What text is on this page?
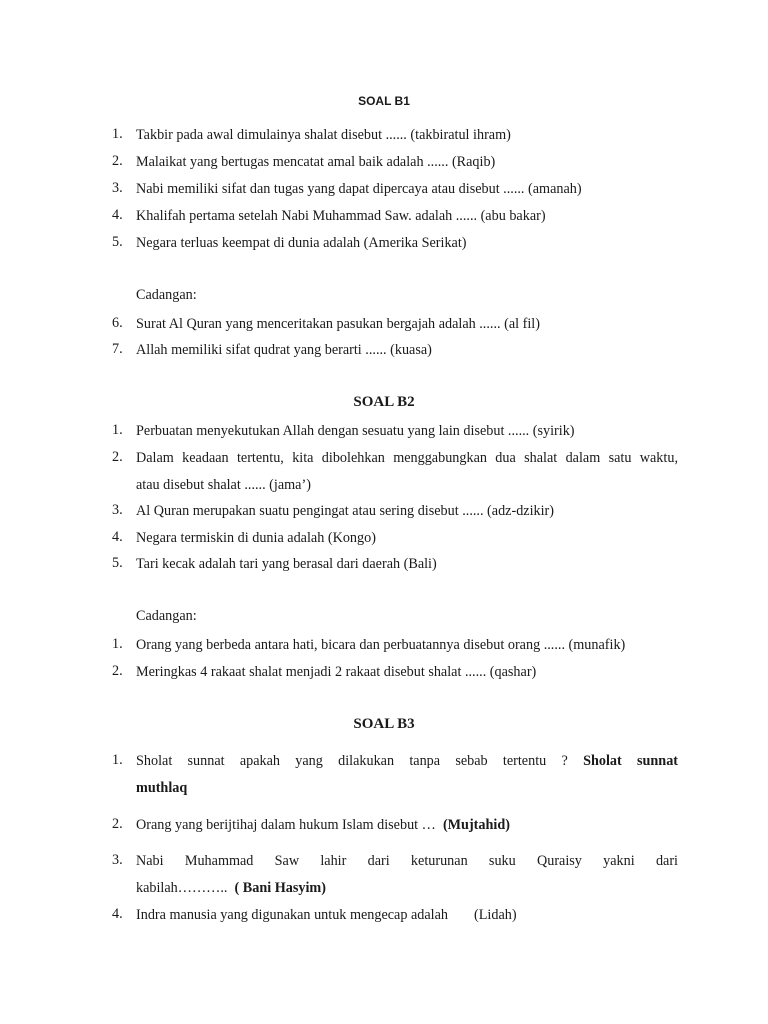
SOAL B1
1. Takbir pada awal dimulainya shalat disebut ...... (takbiratul ihram)
2. Malaikat yang bertugas mencatat amal baik adalah ...... (Raqib)
3. Nabi memiliki sifat dan tugas yang dapat dipercaya atau disebut ...... (amanah)
4. Khalifah pertama setelah Nabi Muhammad Saw. adalah ...... (abu bakar)
5. Negara terluas keempat di dunia adalah (Amerika Serikat)
Cadangan:
6. Surat Al Quran yang menceritakan pasukan bergajah adalah ...... (al fil)
7. Allah memiliki sifat qudrat yang berarti ...... (kuasa)
SOAL B2
1. Perbuatan menyekutukan Allah dengan sesuatu yang lain disebut ...... (syirik)
2. Dalam keadaan tertentu, kita dibolehkan menggabungkan dua shalat dalam satu waktu,
atau disebut shalat ...... (jama’)
3. Al Quran merupakan suatu pengingat atau sering disebut ...... (adz-dzikir)
4. Negara termiskin di dunia adalah (Kongo)
5. Tari kecak adalah tari yang berasal dari daerah (Bali)
Cadangan:
1. Orang yang berbeda antara hati, bicara dan perbuatannya disebut orang ...... (munafik)
2. Meringkas 4 rakaat shalat menjadi 2 rakaat disebut shalat ...... (qashar)
SOAL B3
1. Sholat sunnat apakah yang dilakukan tanpa sebab tertentu ? Sholat sunnat
muthlaq
2. Orang yang berijtihaj dalam hukum Islam disebut … (Mujtahid)
3. Nabi Muhammad Saw lahir dari keturunan suku Quraisy yakni dari
kabilah……….. ( Bani Hasyim)
4. Indra manusia yang digunakan untuk mengecap adalah (Lidah)
